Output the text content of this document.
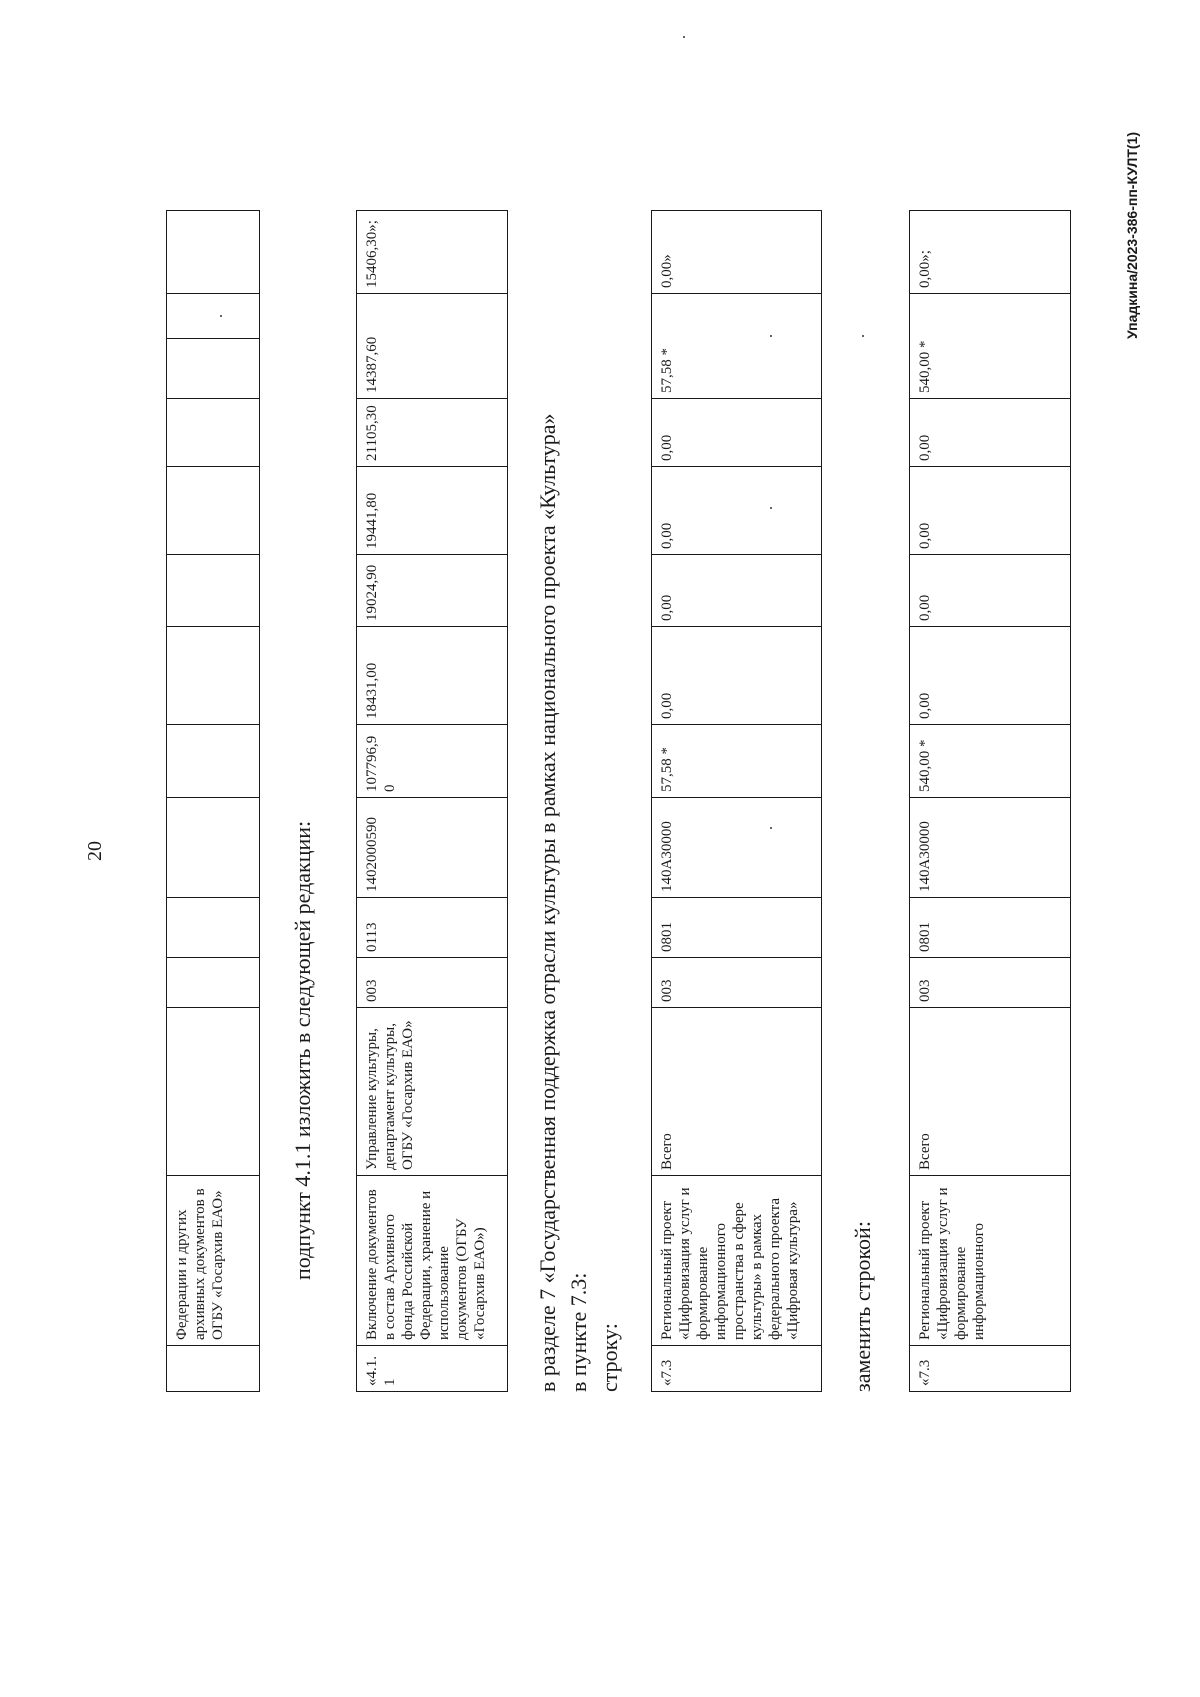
20
	Федерации и других архивных документов в ОГБУ «Госархив ЕАО»													подпункт 4.1.1 изложить в следующей редакции:
«4.1.1	Включение документов в состав Архивного фонда Российской Федерации, хранение и использование документов (ОГБУ «Госархив ЕАО»)	Управление культуры, департамент культуры, ОГБУ «Госархив ЕАО»	003	0113	1402000590	107796,90	18431,00	19024,90	19441,80	21105,30	14387,60	15406,30»;
в разделе 7 «Государственная поддержка отрасли культуры в рамках национального проекта «Культура» в пункте 7.3: строку: «7.3	Региональный проект «Цифровизация услуг и формирование информационного пространства в сфере культуры» в рамках федерального проекта «Цифровая культура»	Всего	003	0801	140A30000	57,58 *	0,00	0,00	0,00	0,00	57,58 *	0,00»
заменить строкой:	«7.3	Региональный проект «Цифровизация услуг и формирование информационного	Всего	003	0801	140A30000	540,00 *	0,00	0,00	0,00	0,00	540,00 *	0,00»;	Упадкина/2023-386-пп-КУЛТ(1)
